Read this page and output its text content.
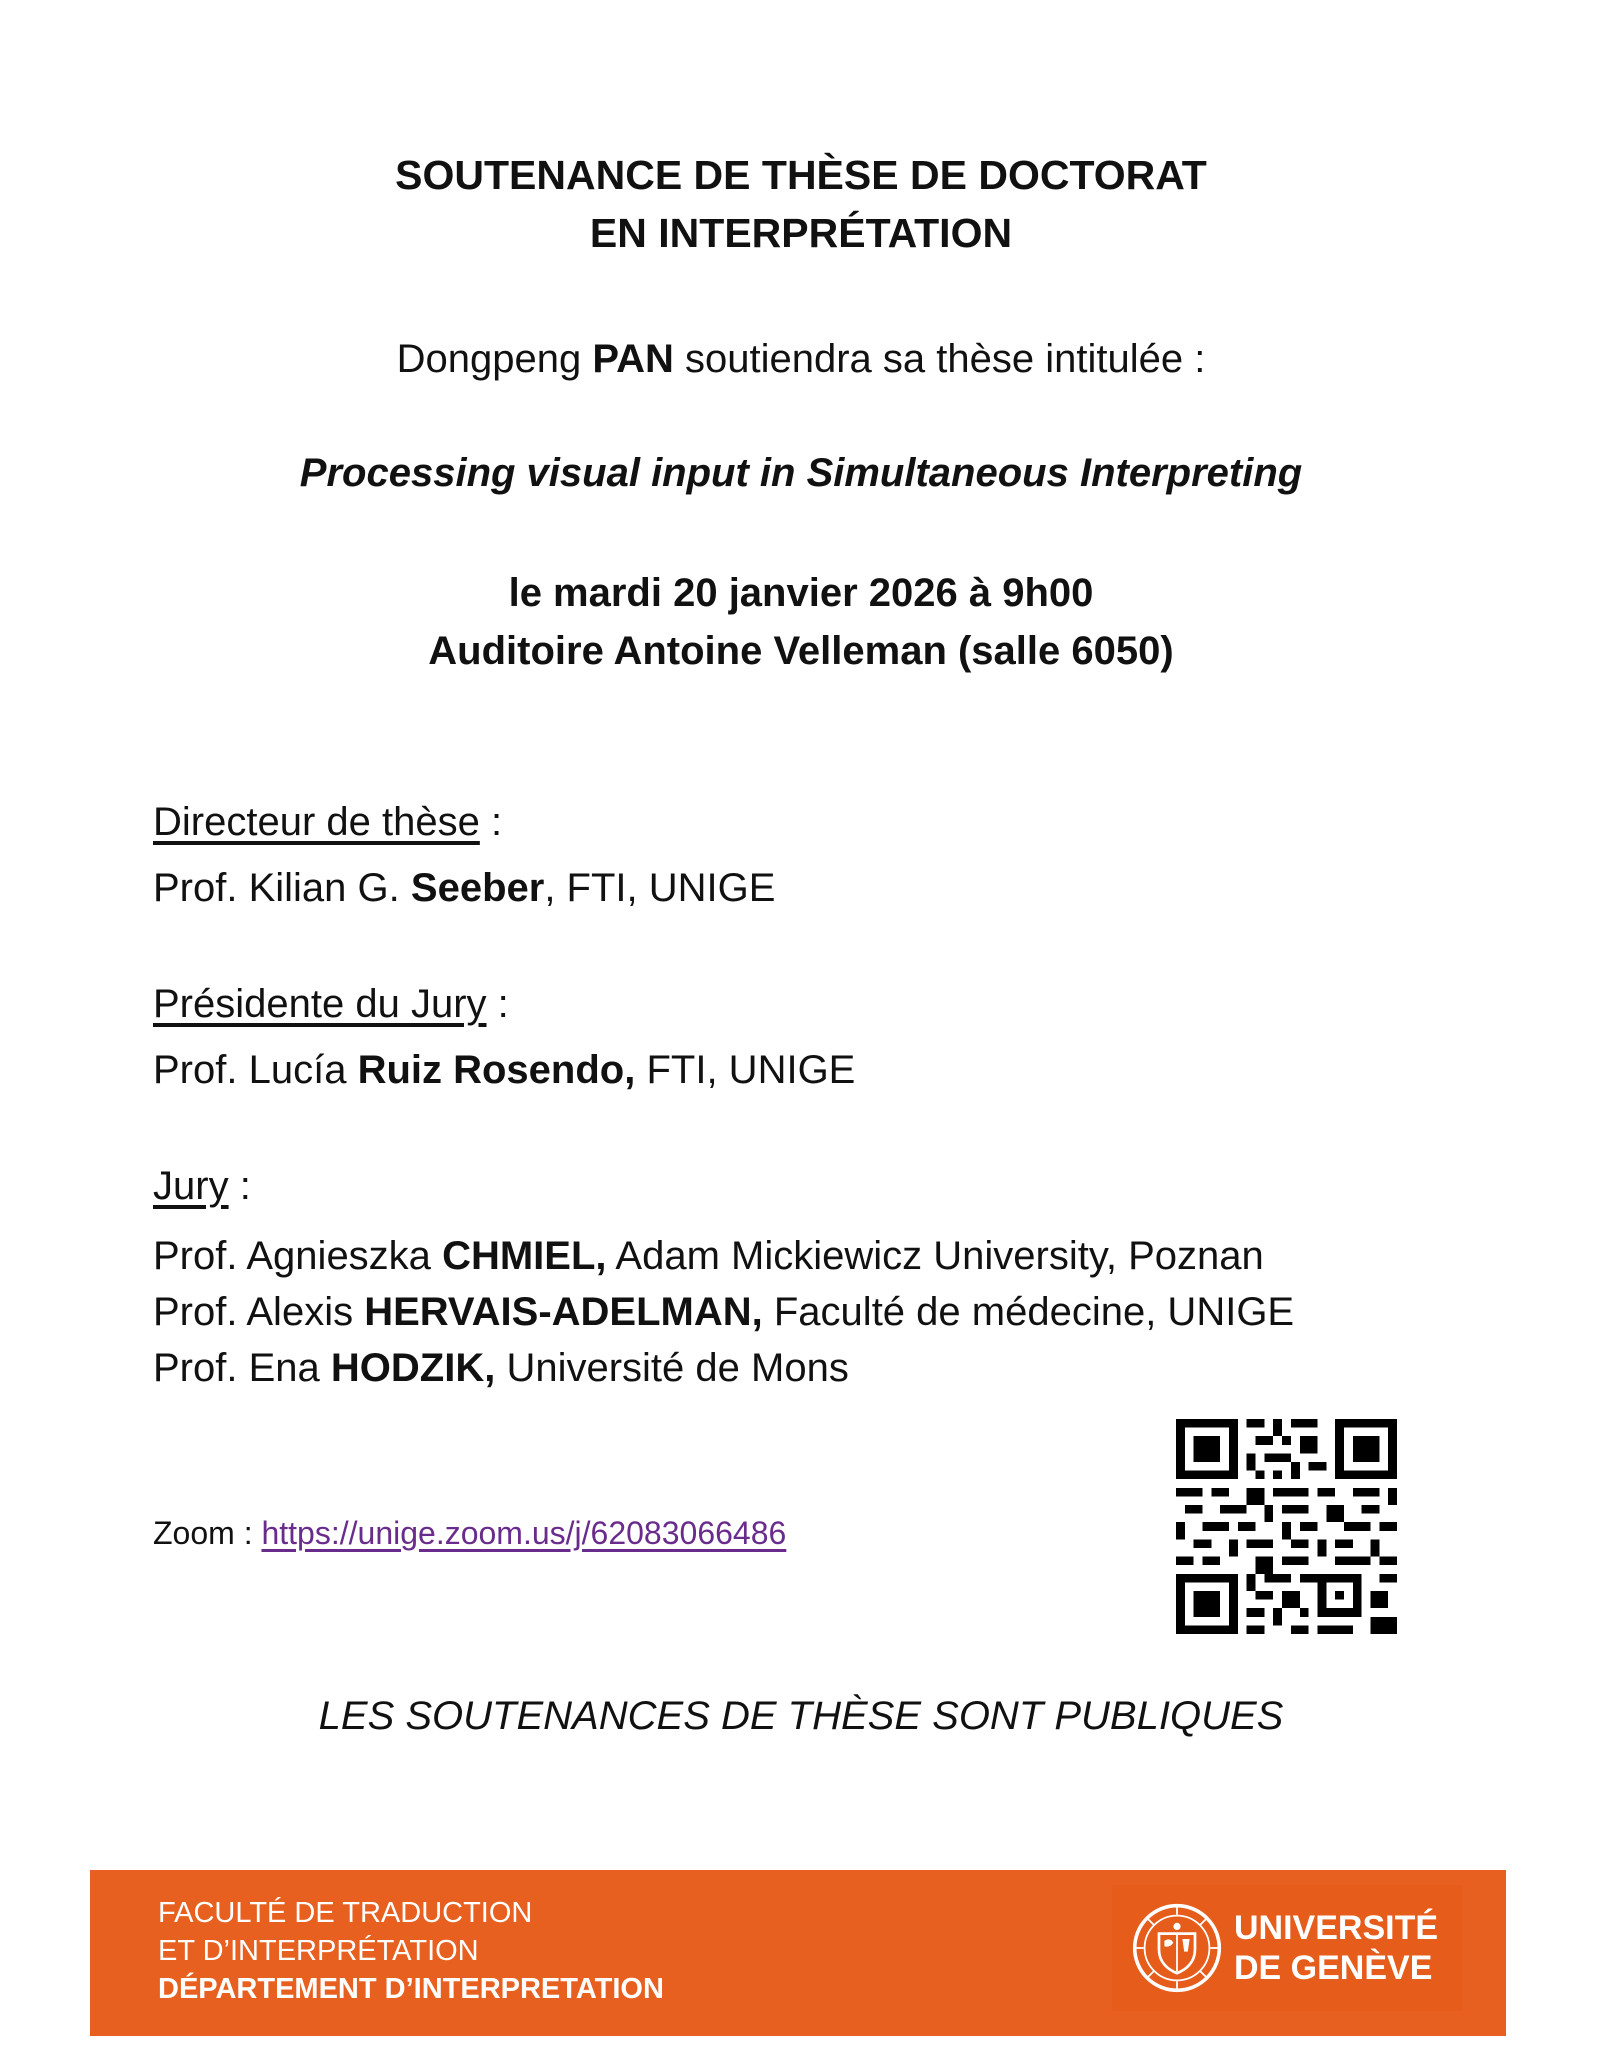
SOUTENANCE DE THÈSE DE DOCTORAT
EN INTERPRÉTATION
Dongpeng PAN soutiendra sa thèse intitulée :
Processing visual input in Simultaneous Interpreting
le mardi 20 janvier 2026 à 9h00
Auditoire Antoine Velleman (salle 6050)
Directeur de thèse :
Prof. Kilian G. Seeber, FTI, UNIGE
Présidente du Jury :
Prof. Lucía Ruiz Rosendo, FTI, UNIGE
Jury :
Prof. Agnieszka CHMIEL, Adam Mickiewicz University, Poznan
Prof. Alexis HERVAIS-ADELMAN, Faculté de médecine, UNIGE
Prof. Ena HODZIK, Université de Mons
Zoom : https://unige.zoom.us/j/62083066486
LES SOUTENANCES DE THÈSE SONT PUBLIQUES
FACULTÉ DE TRADUCTION
ET D’INTERPRÉTATION
DÉPARTEMENT D’INTERPRETATION
UNIVERSITÉ
DE GENÈVE
